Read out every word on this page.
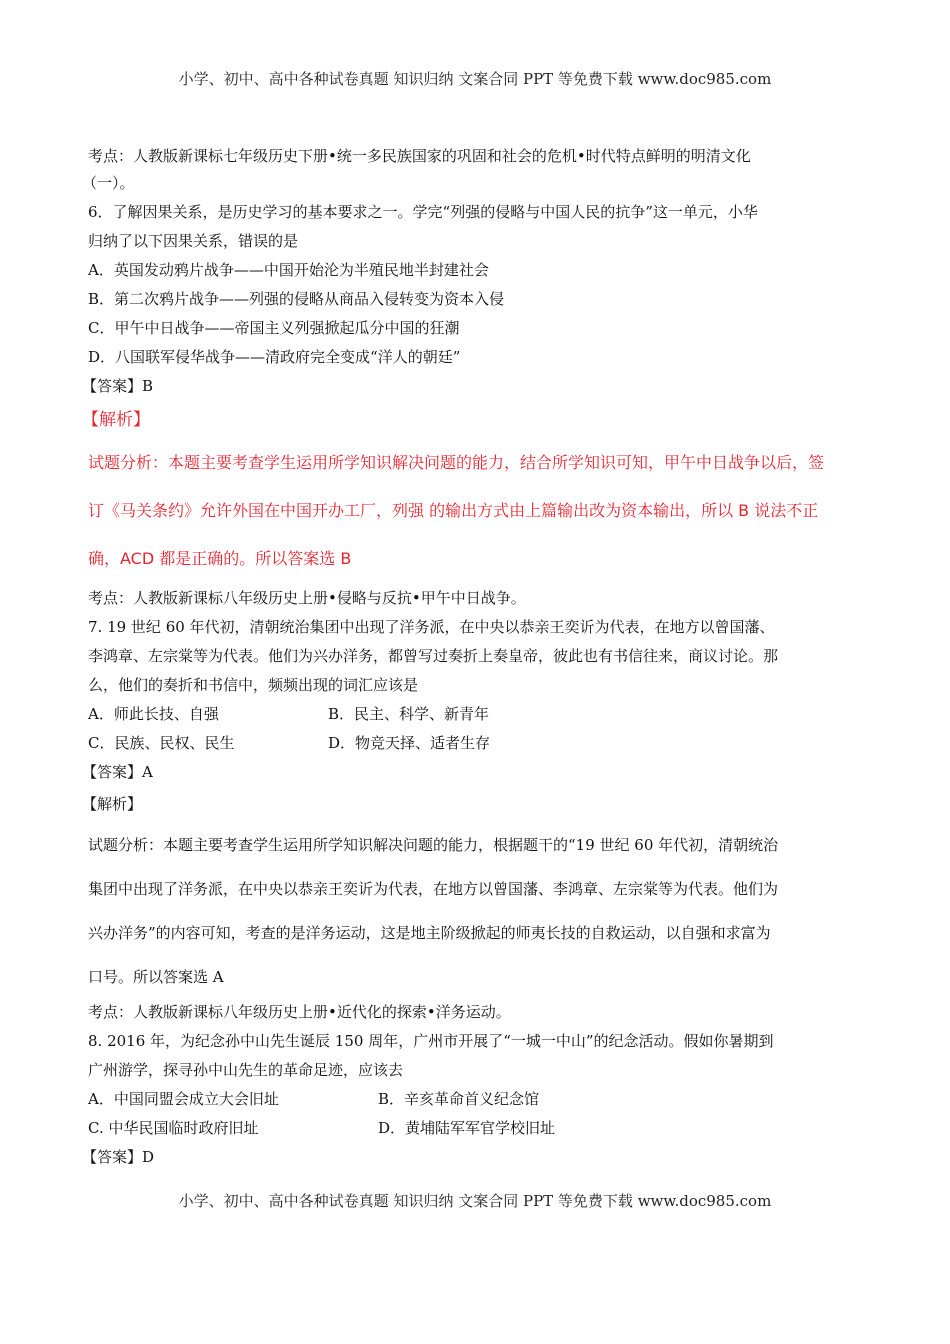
小学、初中、高中各种试卷真题 知识归纳 文案合同 PPT 等免费下载 www.doc985.com
考点：人教版新课标七年级历史下册•统一多民族国家的巩固和社会的危机•时代特点鲜明的明清文化
（一）。
6．了解因果关系，是历史学习的基本要求之一。学完“列强的侵略与中国人民的抗争”这一单元，小华
归纳了以下因果关系，错误的是
A．英国发动鸦片战争——中国开始沦为半殖民地半封建社会
B．第二次鸦片战争——列强的侵略从商品入侵转变为资本入侵
C．甲午中日战争——帝国主义列强掀起瓜分中国的狂潮
D．八国联军侵华战争——清政府完全变成“洋人的朝廷”
【答案】B
【解析】
试题分析：本题主要考查学生运用所学知识解决问题的能力，结合所学知识可知，甲午中日战争以后，签
订《马关条约》允许外国在中国开办工厂，列强 的输出方式由上篇输出改为资本输出，所以 B 说法不正
确，ACD 都是正确的。所以答案选 B
考点：人教版新课标八年级历史上册•侵略与反抗•甲午中日战争。
7. 19 世纪 60 年代初，清朝统治集团中出现了洋务派，在中央以恭亲王奕䜣为代表，在地方以曾国藩、
李鸿章、左宗棠等为代表。他们为兴办洋务，都曾写过奏折上奏皇帝，彼此也有书信往来，商议讨论。那
么，他们的奏折和书信中，频频出现的词汇应该是
A．师此长技、自强	B．民主、科学、新青年
C．民族、民权、民生	D．物竞天择、适者生存
【答案】A
【解析】
试题分析：本题主要考查学生运用所学知识解决问题的能力，根据题干的“19 世纪 60 年代初，清朝统治
集团中出现了洋务派，在中央以恭亲王奕䜣为代表，在地方以曾国藩、李鸿章、左宗棠等为代表。他们为
兴办洋务”的内容可知，考查的是洋务运动，这是地主阶级掀起的师夷长技的自救运动，以自强和求富为
口号。所以答案选 A
考点：人教版新课标八年级历史上册•近代化的探索•洋务运动。
8. 2016 年，为纪念孙中山先生诞辰 150 周年，广州市开展了“一城一中山”的纪念活动。假如你暑期到
广州游学，探寻孙中山先生的革命足迹，应该去
A．中国同盟会成立大会旧址	B．辛亥革命首义纪念馆
C. 中华民国临时政府旧址	D．黄埔陆军军官学校旧址
【答案】D
小学、初中、高中各种试卷真题 知识归纳 文案合同 PPT 等免费下载 www.doc985.com
